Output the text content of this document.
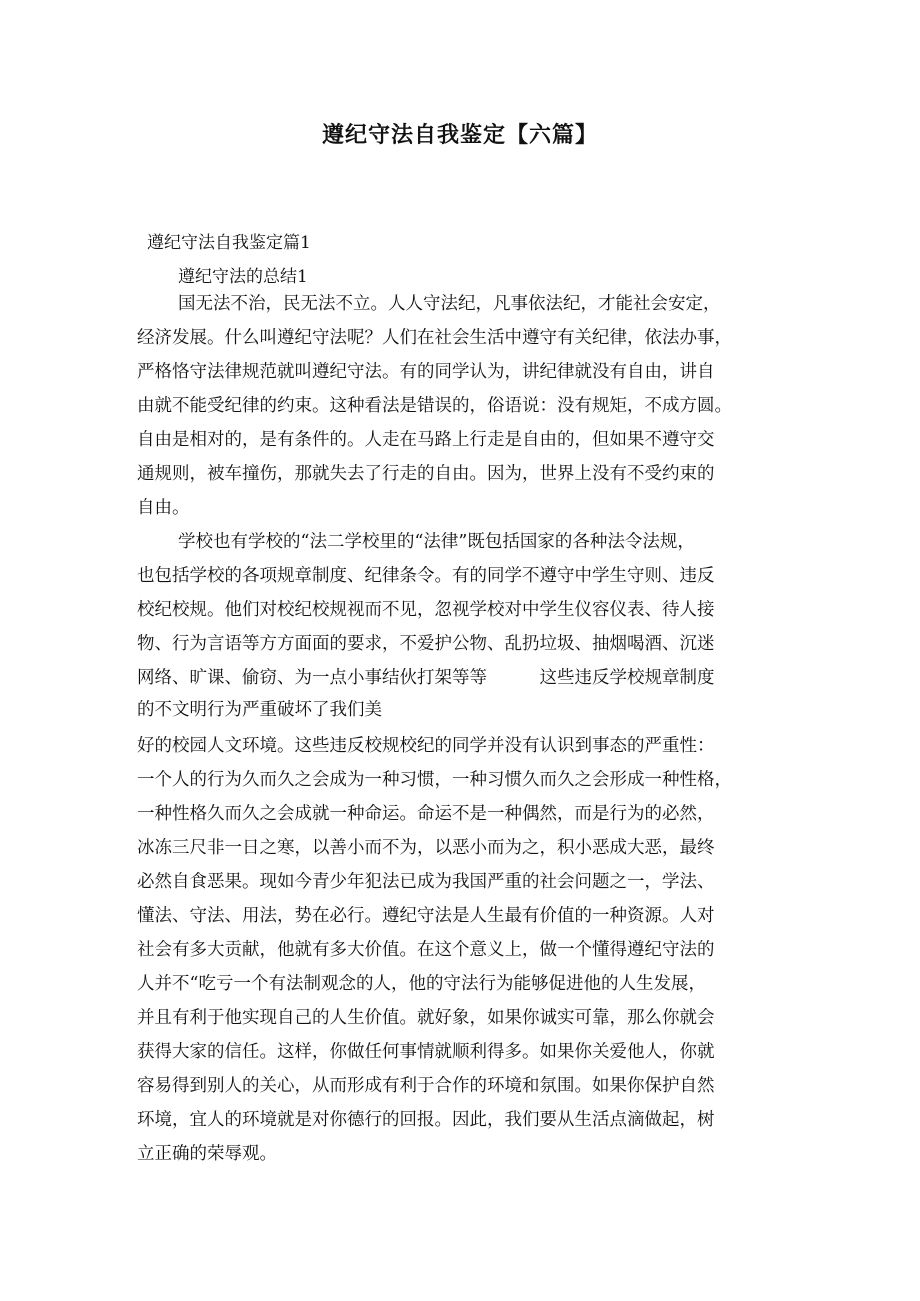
遵纪守法自我鉴定【六篇】
遵纪守法自我鉴定篇1
遵纪守法的总结1
国无法不治，民无法不立。人人守法纪，凡事依法纪，才能社会安定，
经济发展。什么叫遵纪守法呢？人们在社会生活中遵守有关纪律，依法办事，
严格恪守法律规范就叫遵纪守法。有的同学认为，讲纪律就没有自由，讲自
由就不能受纪律的约束。这种看法是错误的，俗语说：没有规矩，不成方圆。
自由是相对的，是有条件的。人走在马路上行走是自由的，但如果不遵守交
通规则，被车撞伤，那就失去了行走的自由。因为，世界上没有不受约束的
自由。
学校也有学校的“法二学校里的“法律”既包括国家的各种法令法规，
也包括学校的各项规章制度、纪律条令。有的同学不遵守中学生守则、违反
校纪校规。他们对校纪校规视而不见，忽视学校对中学生仪容仪表、待人接
物、行为言语等方方面面的要求，不爱护公物、乱扔垃圾、抽烟喝酒、沉迷
网络、旷课、偷窃、为一点小事结伙打架等等　　　这些违反学校规章制度
的不文明行为严重破坏了我们美
好的校园人文环境。这些违反校规校纪的同学并没有认识到事态的严重性：
一个人的行为久而久之会成为一种习惯，一种习惯久而久之会形成一种性格，
一种性格久而久之会成就一种命运。命运不是一种偶然，而是行为的必然，
冰冻三尺非一日之寒，以善小而不为，以恶小而为之，积小恶成大恶，最终
必然自食恶果。现如今青少年犯法已成为我国严重的社会问题之一，学法、
懂法、守法、用法，势在必行。遵纪守法是人生最有价值的一种资源。人对
社会有多大贡献，他就有多大价值。在这个意义上，做一个懂得遵纪守法的
人并不“吃亏一个有法制观念的人，他的守法行为能够促进他的人生发展，
并且有利于他实现自己的人生价值。就好象，如果你诚实可靠，那么你就会
获得大家的信任。这样，你做任何事情就顺利得多。如果你关爱他人，你就
容易得到别人的关心，从而形成有利于合作的环境和氛围。如果你保护自然
环境，宜人的环境就是对你德行的回报。因此，我们要从生活点滴做起，树
立正确的荣辱观。
